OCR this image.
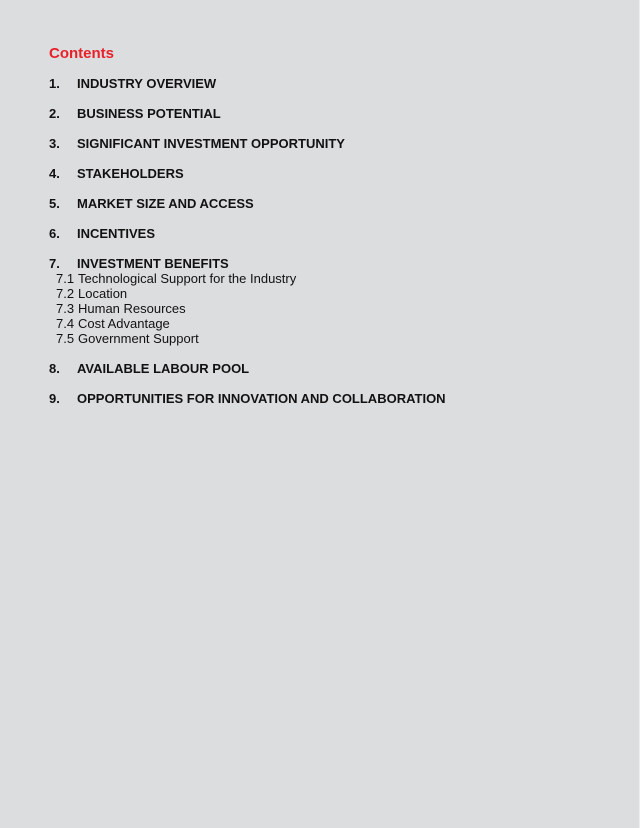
Contents
1.	INDUSTRY OVERVIEW
2.	BUSINESS POTENTIAL
3.	SIGNIFICANT INVESTMENT OPPORTUNITY
4.	STAKEHOLDERS
5.	MARKET SIZE AND ACCESS
6.	INCENTIVES
7.	INVESTMENT BENEFITS
7.1 Technological Support for the Industry
7.2 Location
7.3 Human Resources
7.4 Cost Advantage
7.5 Government Support
8.	AVAILABLE LABOUR POOL
9.	OPPORTUNITIES FOR INNOVATION AND COLLABORATION
